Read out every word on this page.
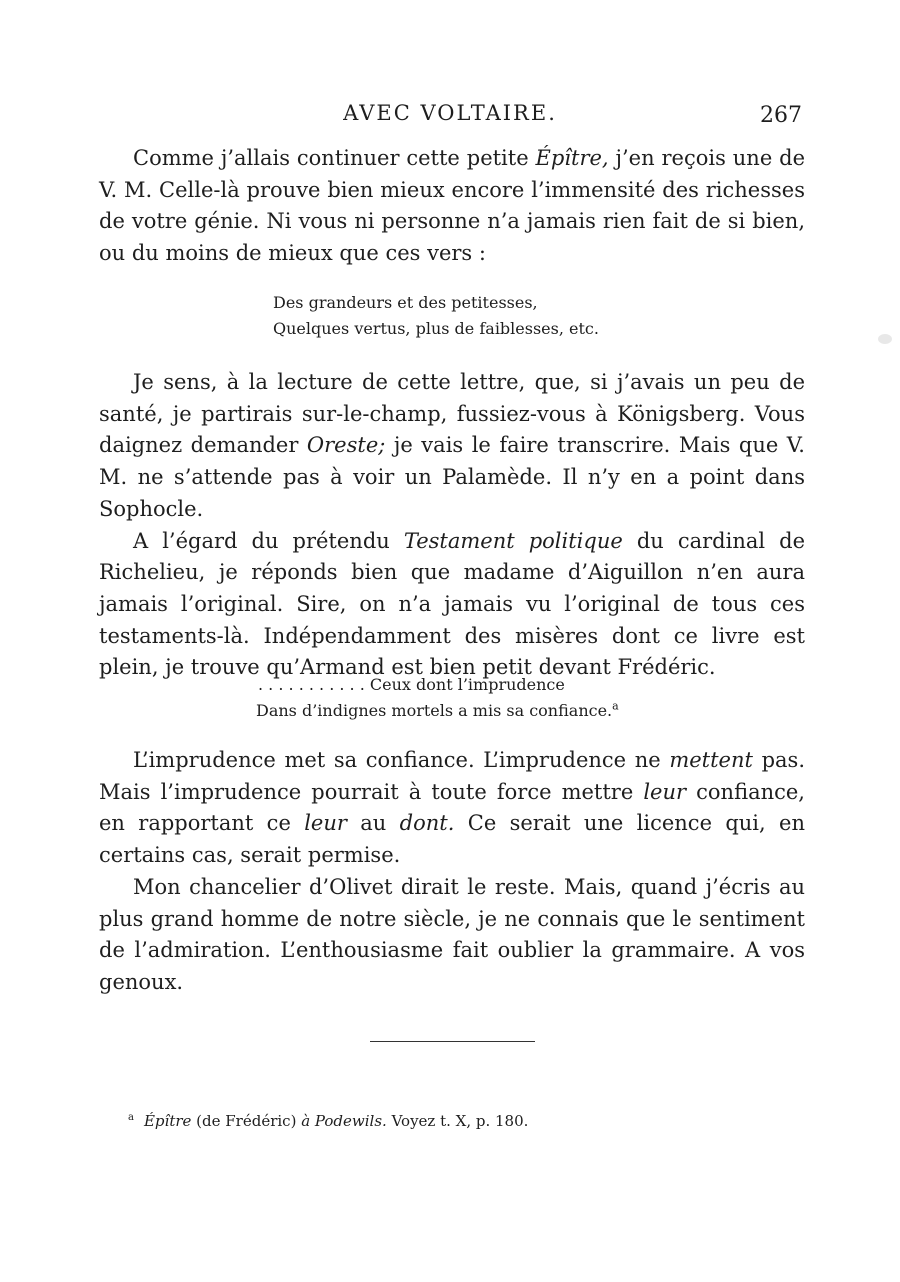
AVEC VOLTAIRE.	267

Comme j’allais continuer cette petite Épître, j’en reçois une de V. M. Celle-là prouve bien mieux encore l’immensité des richesses de votre génie. Ni vous ni personne n’a jamais rien fait de si bien, ou du moins de mieux que ces vers :

Des grandeurs et des petitesses,
Quelques vertus, plus de faiblesses, etc.

Je sens, à la lecture de cette lettre, que, si j’avais un peu de santé, je partirais sur-le-champ, fussiez-vous à Königsberg. Vous daignez demander Oreste; je vais le faire transcrire. Mais que V. M. ne s’attende pas à voir un Palamède. Il n’y en a point dans Sophocle.

A l’égard du prétendu Testament politique du cardinal de Richelieu, je réponds bien que madame d’Aiguillon n’en aura jamais l’original. Sire, on n’a jamais vu l’original de tous ces testaments-là. Indépendamment des misères dont ce livre est plein, je trouve qu’Armand est bien petit devant Frédéric.

. . . . . . . . . . . Ceux dont l’imprudence
Dans d’indignes mortels a mis sa confiance.$^a$

L’imprudence met sa confiance. L’imprudence ne mettent pas. Mais l’imprudence pourrait à toute force mettre leur confiance, en rapportant ce leur au dont. Ce serait une licence qui, en certains cas, serait permise.

Mon chancelier d’Olivet dirait le reste. Mais, quand j’écris au plus grand homme de notre siècle, je ne connais que le sentiment de l’admiration. L’enthousiasme fait oublier la grammaire. A vos genoux.

$^a$ Épître (de Frédéric) à Podewils. Voyez t. X, p. 180.
